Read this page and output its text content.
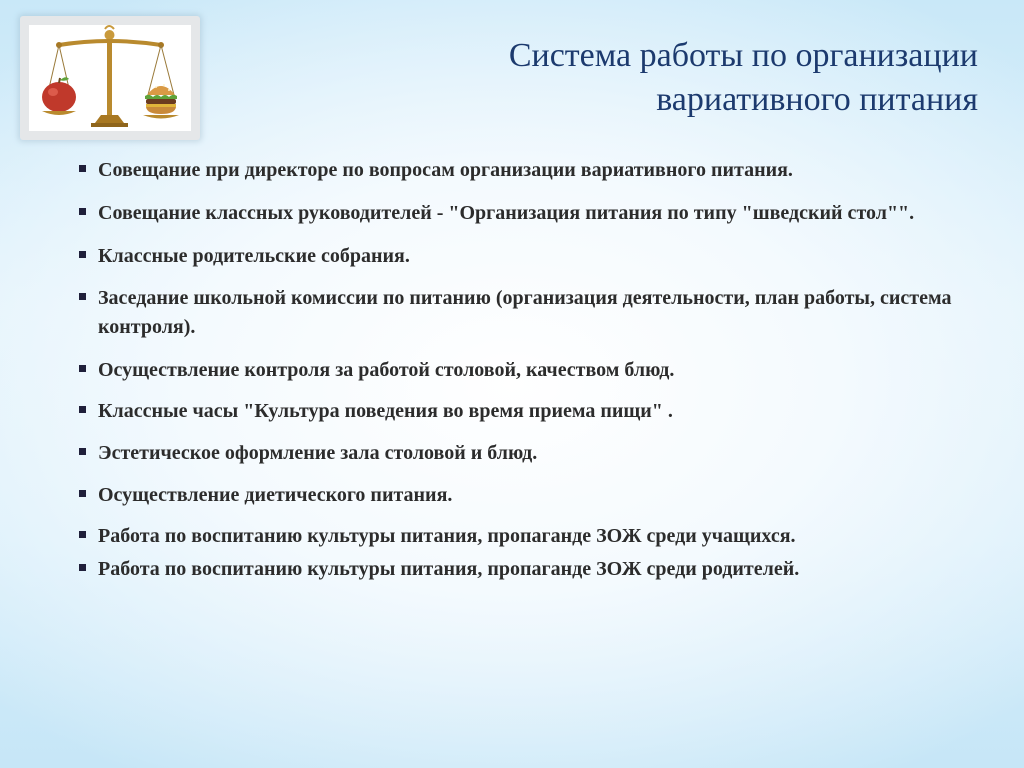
Система работы по организации
вариативного питания
Совещание при директоре по вопросам организации вариативного питания.
Совещание классных руководителей - "Организация питания по типу "шведский стол"".
Классные родительские собрания.
Заседание школьной комиссии по питанию (организация деятельности, план работы, система контроля).
Осуществление контроля за работой столовой, качеством блюд.
Классные часы "Культура поведения во время приема пищи" .
Эстетическое оформление зала столовой и блюд.
Осуществление диетического питания.
Работа по воспитанию культуры питания, пропаганде ЗОЖ среди учащихся.
Работа по воспитанию культуры питания, пропаганде ЗОЖ среди родителей.
